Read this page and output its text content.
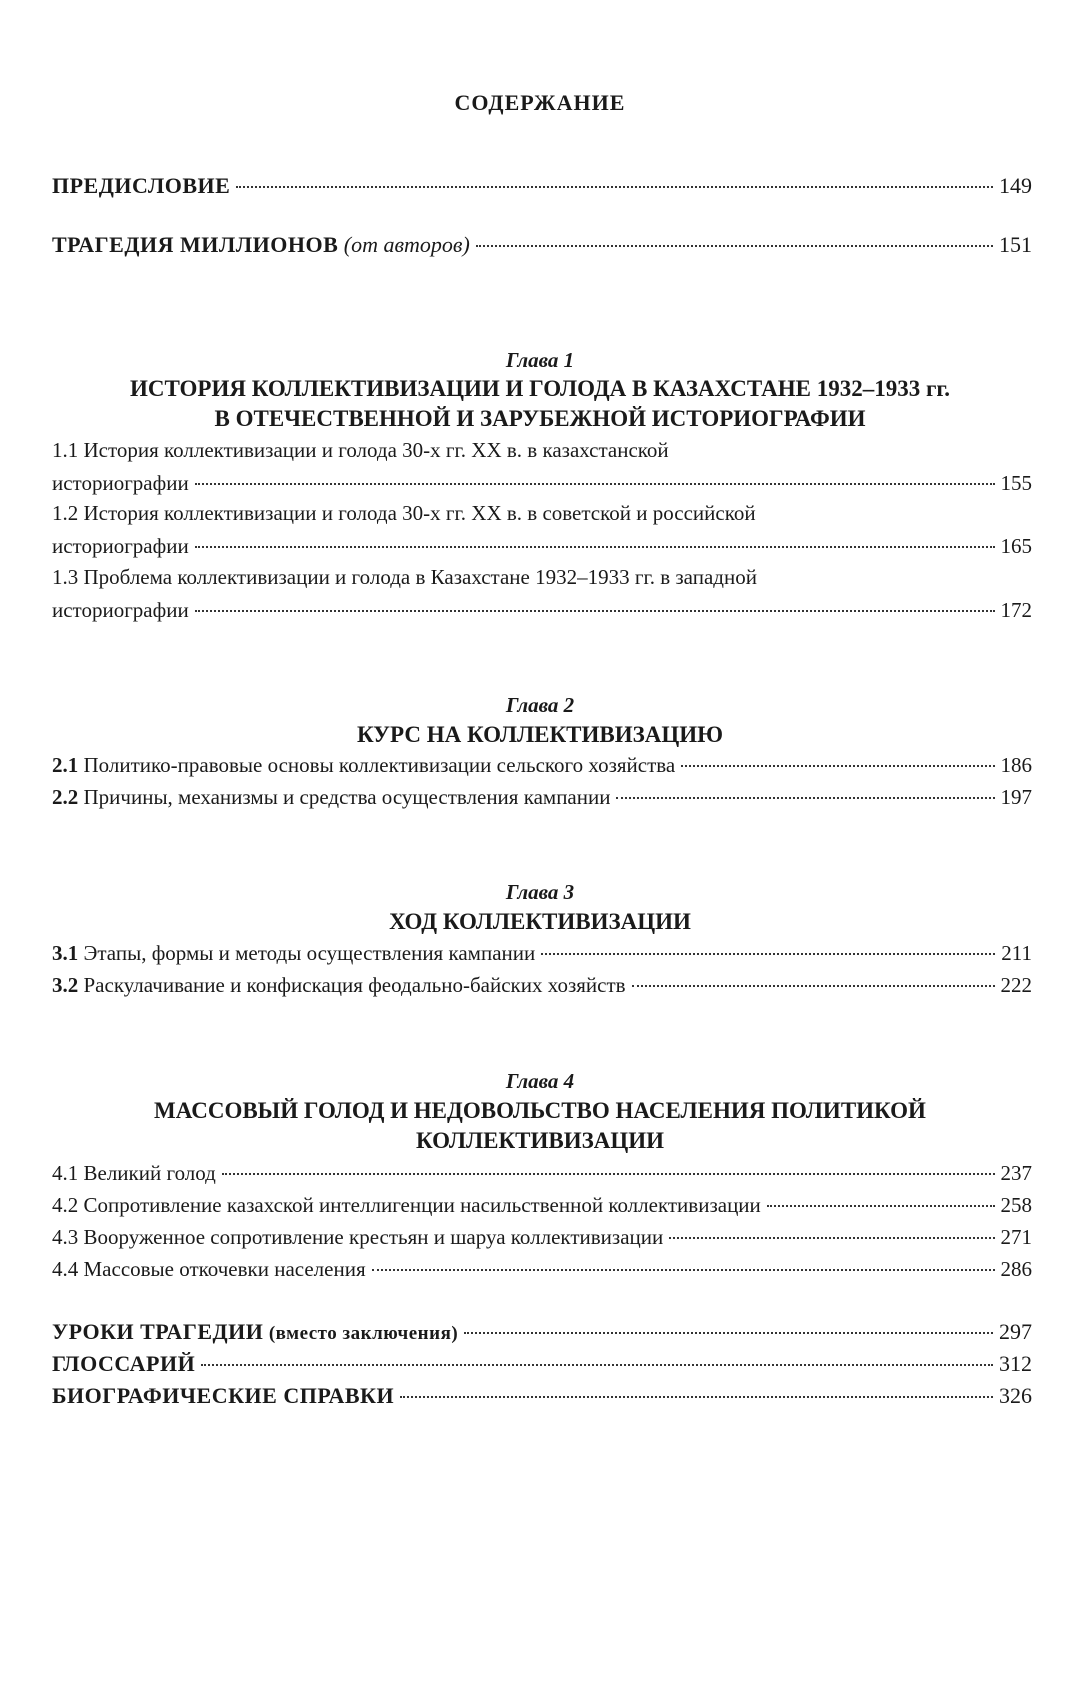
СОДЕРЖАНИЕ
ПРЕДИСЛОВИЕ	149
ТРАГЕДИЯ МИЛЛИОНОВ (от авторов)	151
Глава 1
ИСТОРИЯ КОЛЛЕКТИВИЗАЦИИ И ГОЛОДА В КАЗАХСТАНЕ 1932–1933 гг.
В ОТЕЧЕСТВЕННОЙ И ЗАРУБЕЖНОЙ ИСТОРИОГРАФИИ
1.1 История коллективизации и голода 30-х гг. XX в. в казахстанской
историографии	155
1.2 История коллективизации и голода 30-х гг. XX в. в советской и российской
историографии	165
1.3 Проблема коллективизации и голода в Казахстане 1932–1933 гг. в западной
историографии	172
Глава 2
КУРС НА КОЛЛЕКТИВИЗАЦИЮ
2.1 Политико-правовые основы коллективизации сельского хозяйства	186
2.2 Причины, механизмы и средства осуществления кампании	197
Глава 3
ХОД КОЛЛЕКТИВИЗАЦИИ
3.1 Этапы, формы и методы осуществления кампании	211
3.2 Раскулачивание и конфискация феодально-байских хозяйств	222
Глава 4
МАССОВЫЙ ГОЛОД И НЕДОВОЛЬСТВО НАСЕЛЕНИЯ ПОЛИТИКОЙ
КОЛЛЕКТИВИЗАЦИИ
4.1 Великий голод	237
4.2 Сопротивление казахской интеллигенции насильственной коллективизации	258
4.3 Вооруженное сопротивление крестьян и шаруа коллективизации	271
4.4 Массовые откочевки населения	286
УРОКИ ТРАГЕДИИ (вместо заключения)	297
ГЛОССАРИЙ	312
БИОГРАФИЧЕСКИЕ СПРАВКИ	326
